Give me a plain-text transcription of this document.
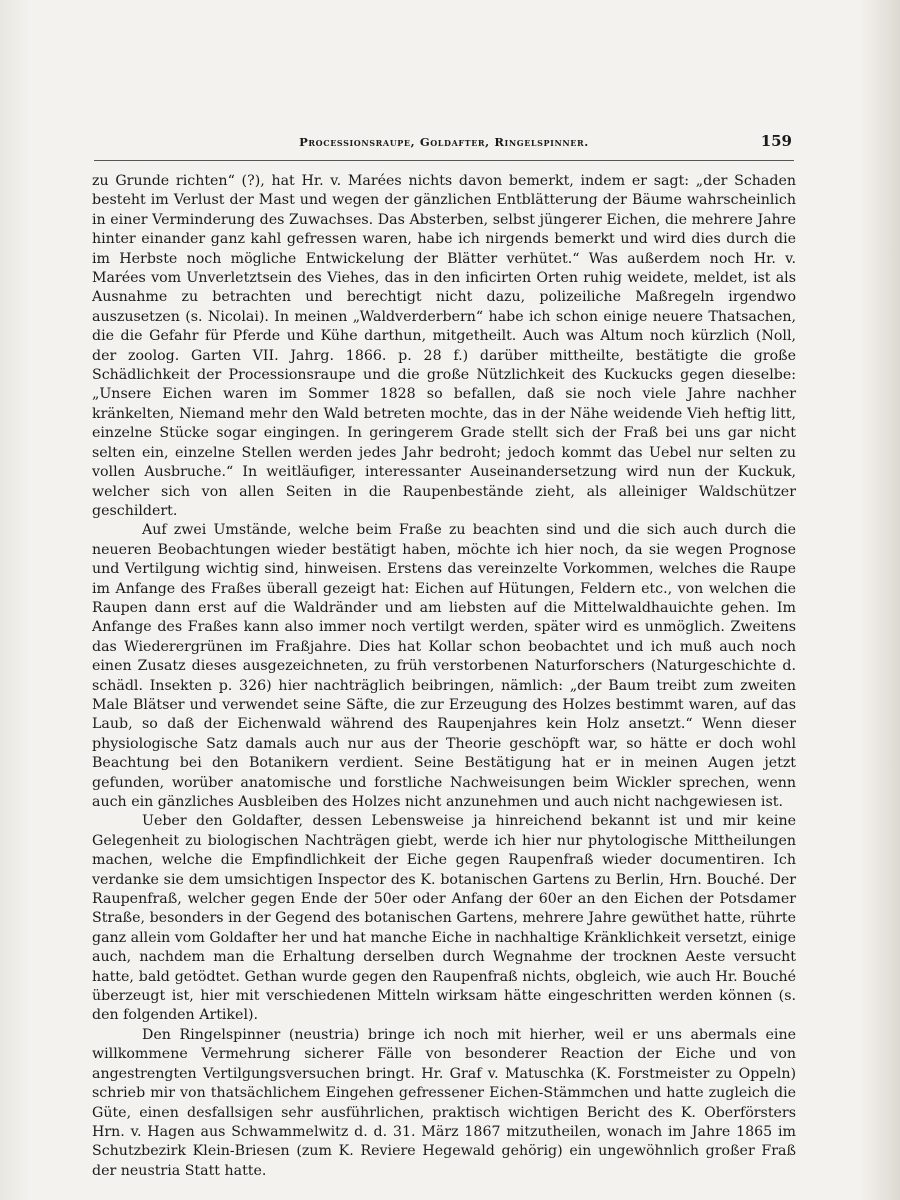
Processionsraupe, Goldafter, Ringelspinner.	159

zu Grunde richten“ (?), hat Hr. v. Marées nichts davon bemerkt, indem er sagt: „der Schaden besteht im Verlust der Mast und wegen der gänzlichen Entblätterung der Bäume wahrscheinlich in einer Verminderung des Zuwachses. Das Absterben, selbst jüngerer Eichen, die mehrere Jahre hinter einander ganz kahl gefressen waren, habe ich nirgends bemerkt und wird dies durch die im Herbste noch mögliche Entwickelung der Blätter verhütet.“ Was außerdem noch Hr. v. Marées vom Unverletztsein des Viehes, das in den inficirten Orten ruhig weidete, meldet, ist als Ausnahme zu betrachten und berechtigt nicht dazu, polizeiliche Maßregeln irgendwo auszusetzen (s. Nicolai). In meinen „Waldverderbern“ habe ich schon einige neuere Thatsachen, die die Gefahr für Pferde und Kühe darthun, mitgetheilt. Auch was Altum noch kürzlich (Noll, der zoolog. Garten VII. Jahrg. 1866. p. 28 f.) darüber mittheilte, bestätigte die große Schädlichkeit der Processionsraupe und die große Nützlichkeit des Kuckucks gegen dieselbe: „Unsere Eichen waren im Sommer 1828 so befallen, daß sie noch viele Jahre nachher kränkelten, Niemand mehr den Wald betreten mochte, das in der Nähe weidende Vieh heftig litt, einzelne Stücke sogar eingingen. In geringerem Grade stellt sich der Fraß bei uns gar nicht selten ein, einzelne Stellen werden jedes Jahr bedroht; jedoch kommt das Uebel nur selten zu vollen Ausbruche.“ In weitläufiger, interessanter Auseinandersetzung wird nun der Kuckuk, welcher sich von allen Seiten in die Raupenbestände zieht, als alleiniger Waldschützer geschildert.

Auf zwei Umstände, welche beim Fraße zu beachten sind und die sich auch durch die neueren Beobachtungen wieder bestätigt haben, möchte ich hier noch, da sie wegen Prognose und Vertilgung wichtig sind, hinweisen. Erstens das vereinzelte Vorkommen, welches die Raupe im Anfange des Fraßes überall gezeigt hat: Eichen auf Hütungen, Feldern etc., von welchen die Raupen dann erst auf die Waldränder und am liebsten auf die Mittelwaldhauichte gehen. Im Anfange des Fraßes kann also immer noch vertilgt werden, später wird es unmöglich. Zweitens das Wiederergrünen im Fraßjahre. Dies hat Kollar schon beobachtet und ich muß auch noch einen Zusatz dieses ausgezeichneten, zu früh verstorbenen Naturforschers (Naturgeschichte d. schädl. Insekten p. 326) hier nachträglich beibringen, nämlich: „der Baum treibt zum zweiten Male Blätser und verwendet seine Säfte, die zur Erzeugung des Holzes bestimmt waren, auf das Laub, so daß der Eichenwald während des Raupenjahres kein Holz ansetzt.“ Wenn dieser physiologische Satz damals auch nur aus der Theorie geschöpft war, so hätte er doch wohl Beachtung bei den Botanikern verdient. Seine Bestätigung hat er in meinen Augen jetzt gefunden, worüber anatomische und forstliche Nachweisungen beim Wickler sprechen, wenn auch ein gänzliches Ausbleiben des Holzes nicht anzunehmen und auch nicht nachgewiesen ist.

Ueber den Goldafter, dessen Lebensweise ja hinreichend bekannt ist und mir keine Gelegenheit zu biologischen Nachträgen giebt, werde ich hier nur phytologische Mittheilungen machen, welche die Empfindlichkeit der Eiche gegen Raupenfraß wieder documentiren. Ich verdanke sie dem umsichtigen Inspector des K. botanischen Gartens zu Berlin, Hrn. Bouché. Der Raupenfraß, welcher gegen Ende der 50er oder Anfang der 60er an den Eichen der Potsdamer Straße, besonders in der Gegend des botanischen Gartens, mehrere Jahre gewüthet hatte, rührte ganz allein vom Goldafter her und hat manche Eiche in nachhaltige Kränklichkeit versetzt, einige auch, nachdem man die Erhaltung derselben durch Wegnahme der trocknen Aeste versucht hatte, bald getödtet. Gethan wurde gegen den Raupenfraß nichts, obgleich, wie auch Hr. Bouché überzeugt ist, hier mit verschiedenen Mitteln wirksam hätte eingeschritten werden können (s. den folgenden Artikel).

Den Ringelspinner (neustria) bringe ich noch mit hierher, weil er uns abermals eine willkommene Vermehrung sicherer Fälle von besonderer Reaction der Eiche und von angestrengten Vertilgungsversuchen bringt. Hr. Graf v. Matuschka (K. Forstmeister zu Oppeln) schrieb mir von thatsächlichem Eingehen gefressener Eichen-Stämmchen und hatte zugleich die Güte, einen desfallsigen sehr ausführlichen, praktisch wichtigen Bericht des K. Oberförsters Hrn. v. Hagen aus Schwammelwitz d. d. 31. März 1867 mitzutheilen, wonach im Jahre 1865 im Schutzbezirk Klein-Briesen (zum K. Reviere Hegewald gehörig) ein ungewöhnlich großer Fraß der neustria Statt hatte.
